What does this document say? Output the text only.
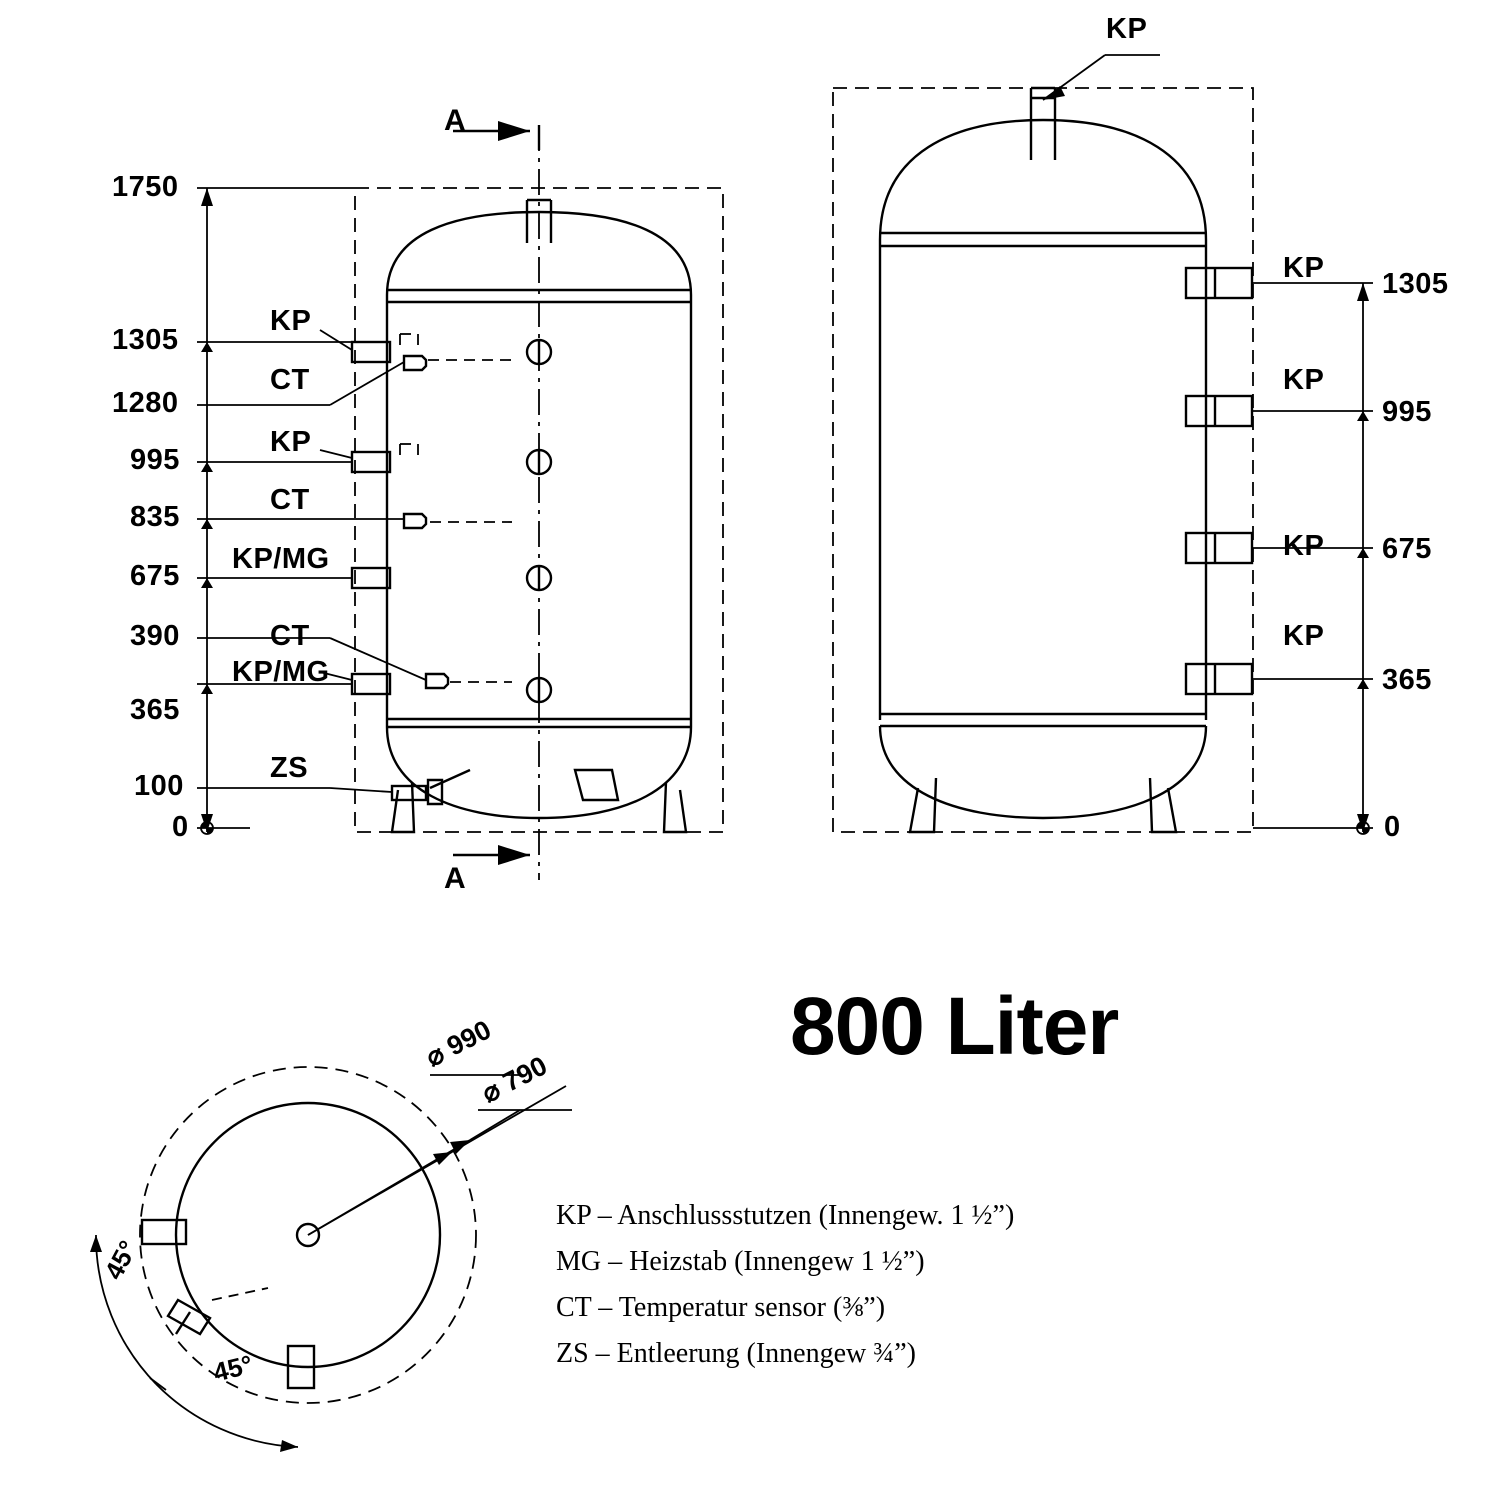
A
A
1750
1305
1280
995
835
675
390
365
100
0
KP
CT
KP
CT
KP/MG
CT
KP/MG
ZS
KP
KP
KP
KP
KP
1305
995
675
365
0
800 Liter
⌀ 990
⌀ 790
45°
45°
KP – Anschlussstutzen (Innengew. 1 ½”)
MG – Heizstab (Innengew 1 ½”)
CT – Temperatur sensor (⅜”)
ZS – Entleerung (Innengew ¾”)
